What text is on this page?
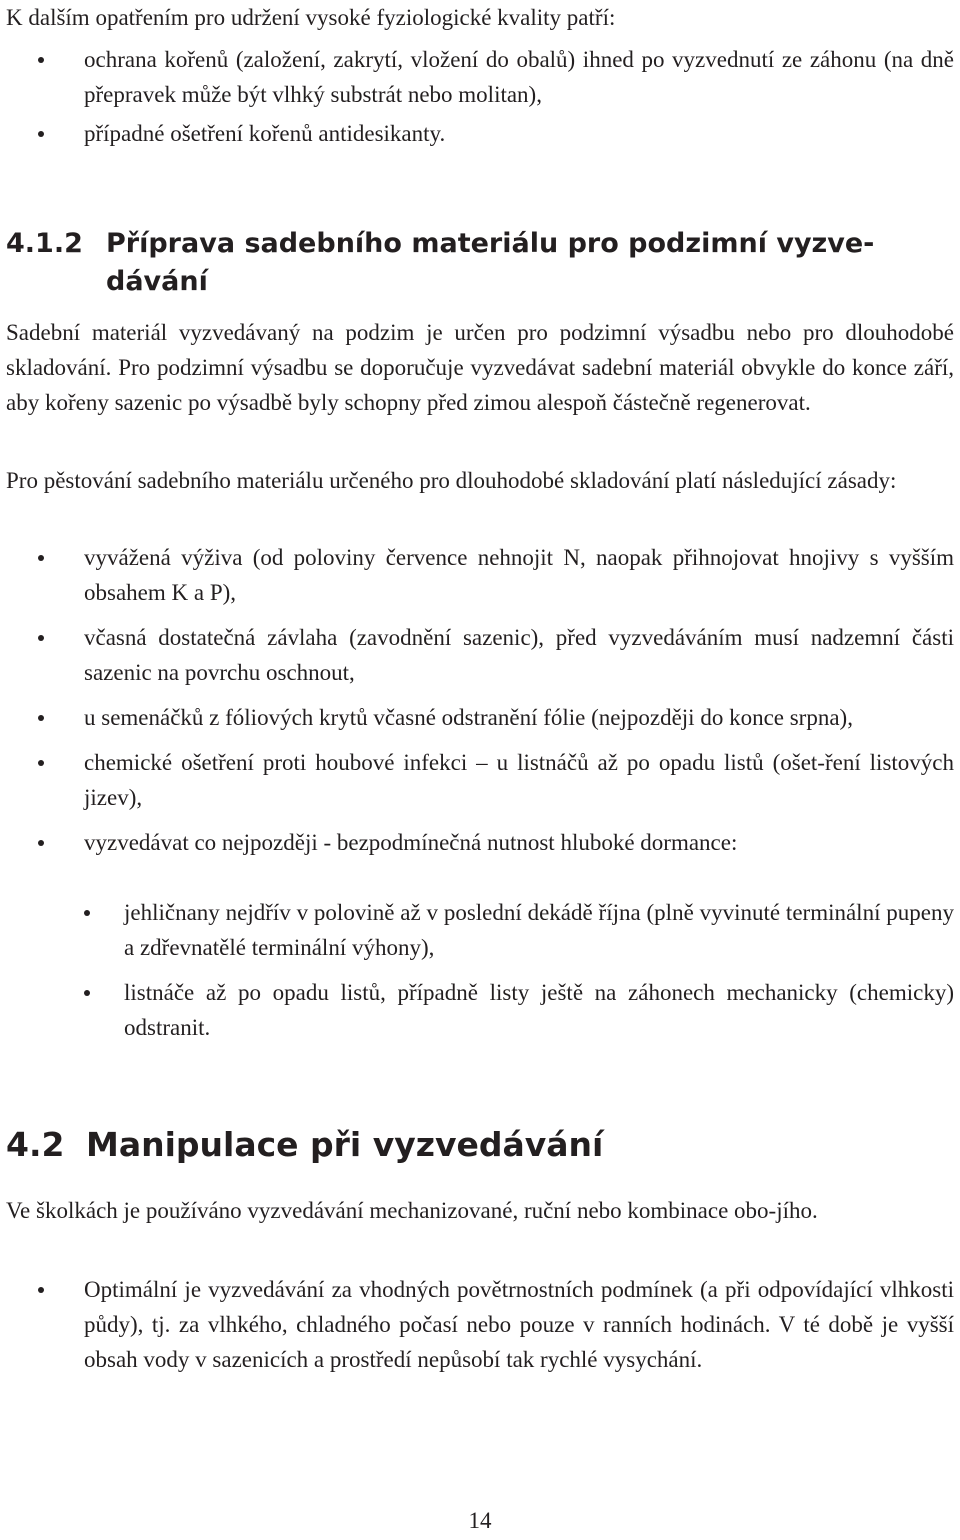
K dalším opatřením pro udržení vysoké fyziologické kvality patří:

ochrana kořenů (založení, zakrytí, vložení do obalů) ihned po vyzvednutí ze záhonu (na dně přepravek může být vlhký substrát nebo molitan),
případné ošetření kořenů antidesikanty.
4.1.2 Příprava sadebního materiálu pro podzimní vyzve-dávání

Sadební materiál vyzvedávaný na podzim je určen pro podzimní výsadbu nebo pro dlouhodobé skladování. Pro podzimní výsadbu se doporučuje vyzvedávat sadební materiál obvykle do konce září, aby kořeny sazenic po výsadbě byly schopny před zimou alespoň částečně regenerovat.

Pro pěstování sadebního materiálu určeného pro dlouhodobé skladování platí následující zásady:

vyvážená výživa (od poloviny července nehnojit N, naopak přihnojovat hnojivy s vyšším obsahem K a P),
včasná dostatečná závlaha (zavodnění sazenic), před vyzvedáváním musí nadzemní části sazenic na povrchu oschnout,
u semenáčků z fóliových krytů včasné odstranění fólie (nejpozději do konce srpna),
chemické ošetření proti houbové infekci – u listnáčů až po opadu listů (ošet-ření listových jizev),
vyzvedávat co nejpozději - bezpodmínečná nutnost hluboké dormance:
jehličnany nejdřív v polovině až v poslední dekádě října (plně vyvinuté terminální pupeny a zdřevnatělé terminální výhony),
listnáče až po opadu listů, případně listy ještě na záhonech mechanicky (chemicky) odstranit.
4.2 Manipulace při vyzvedávání

Ve školkách je používáno vyzvedávání mechanizované, ruční nebo kombinace obo-jího.

Optimální je vyzvedávání za vhodných povětrnostních podmínek (a při odpovídající vlhkosti půdy), tj. za vlhkého, chladného počasí nebo pouze v ranních hodinách. V té době je vyšší obsah vody v sazenicích a prostředí nepůsobí tak rychlé vysychání.
14
